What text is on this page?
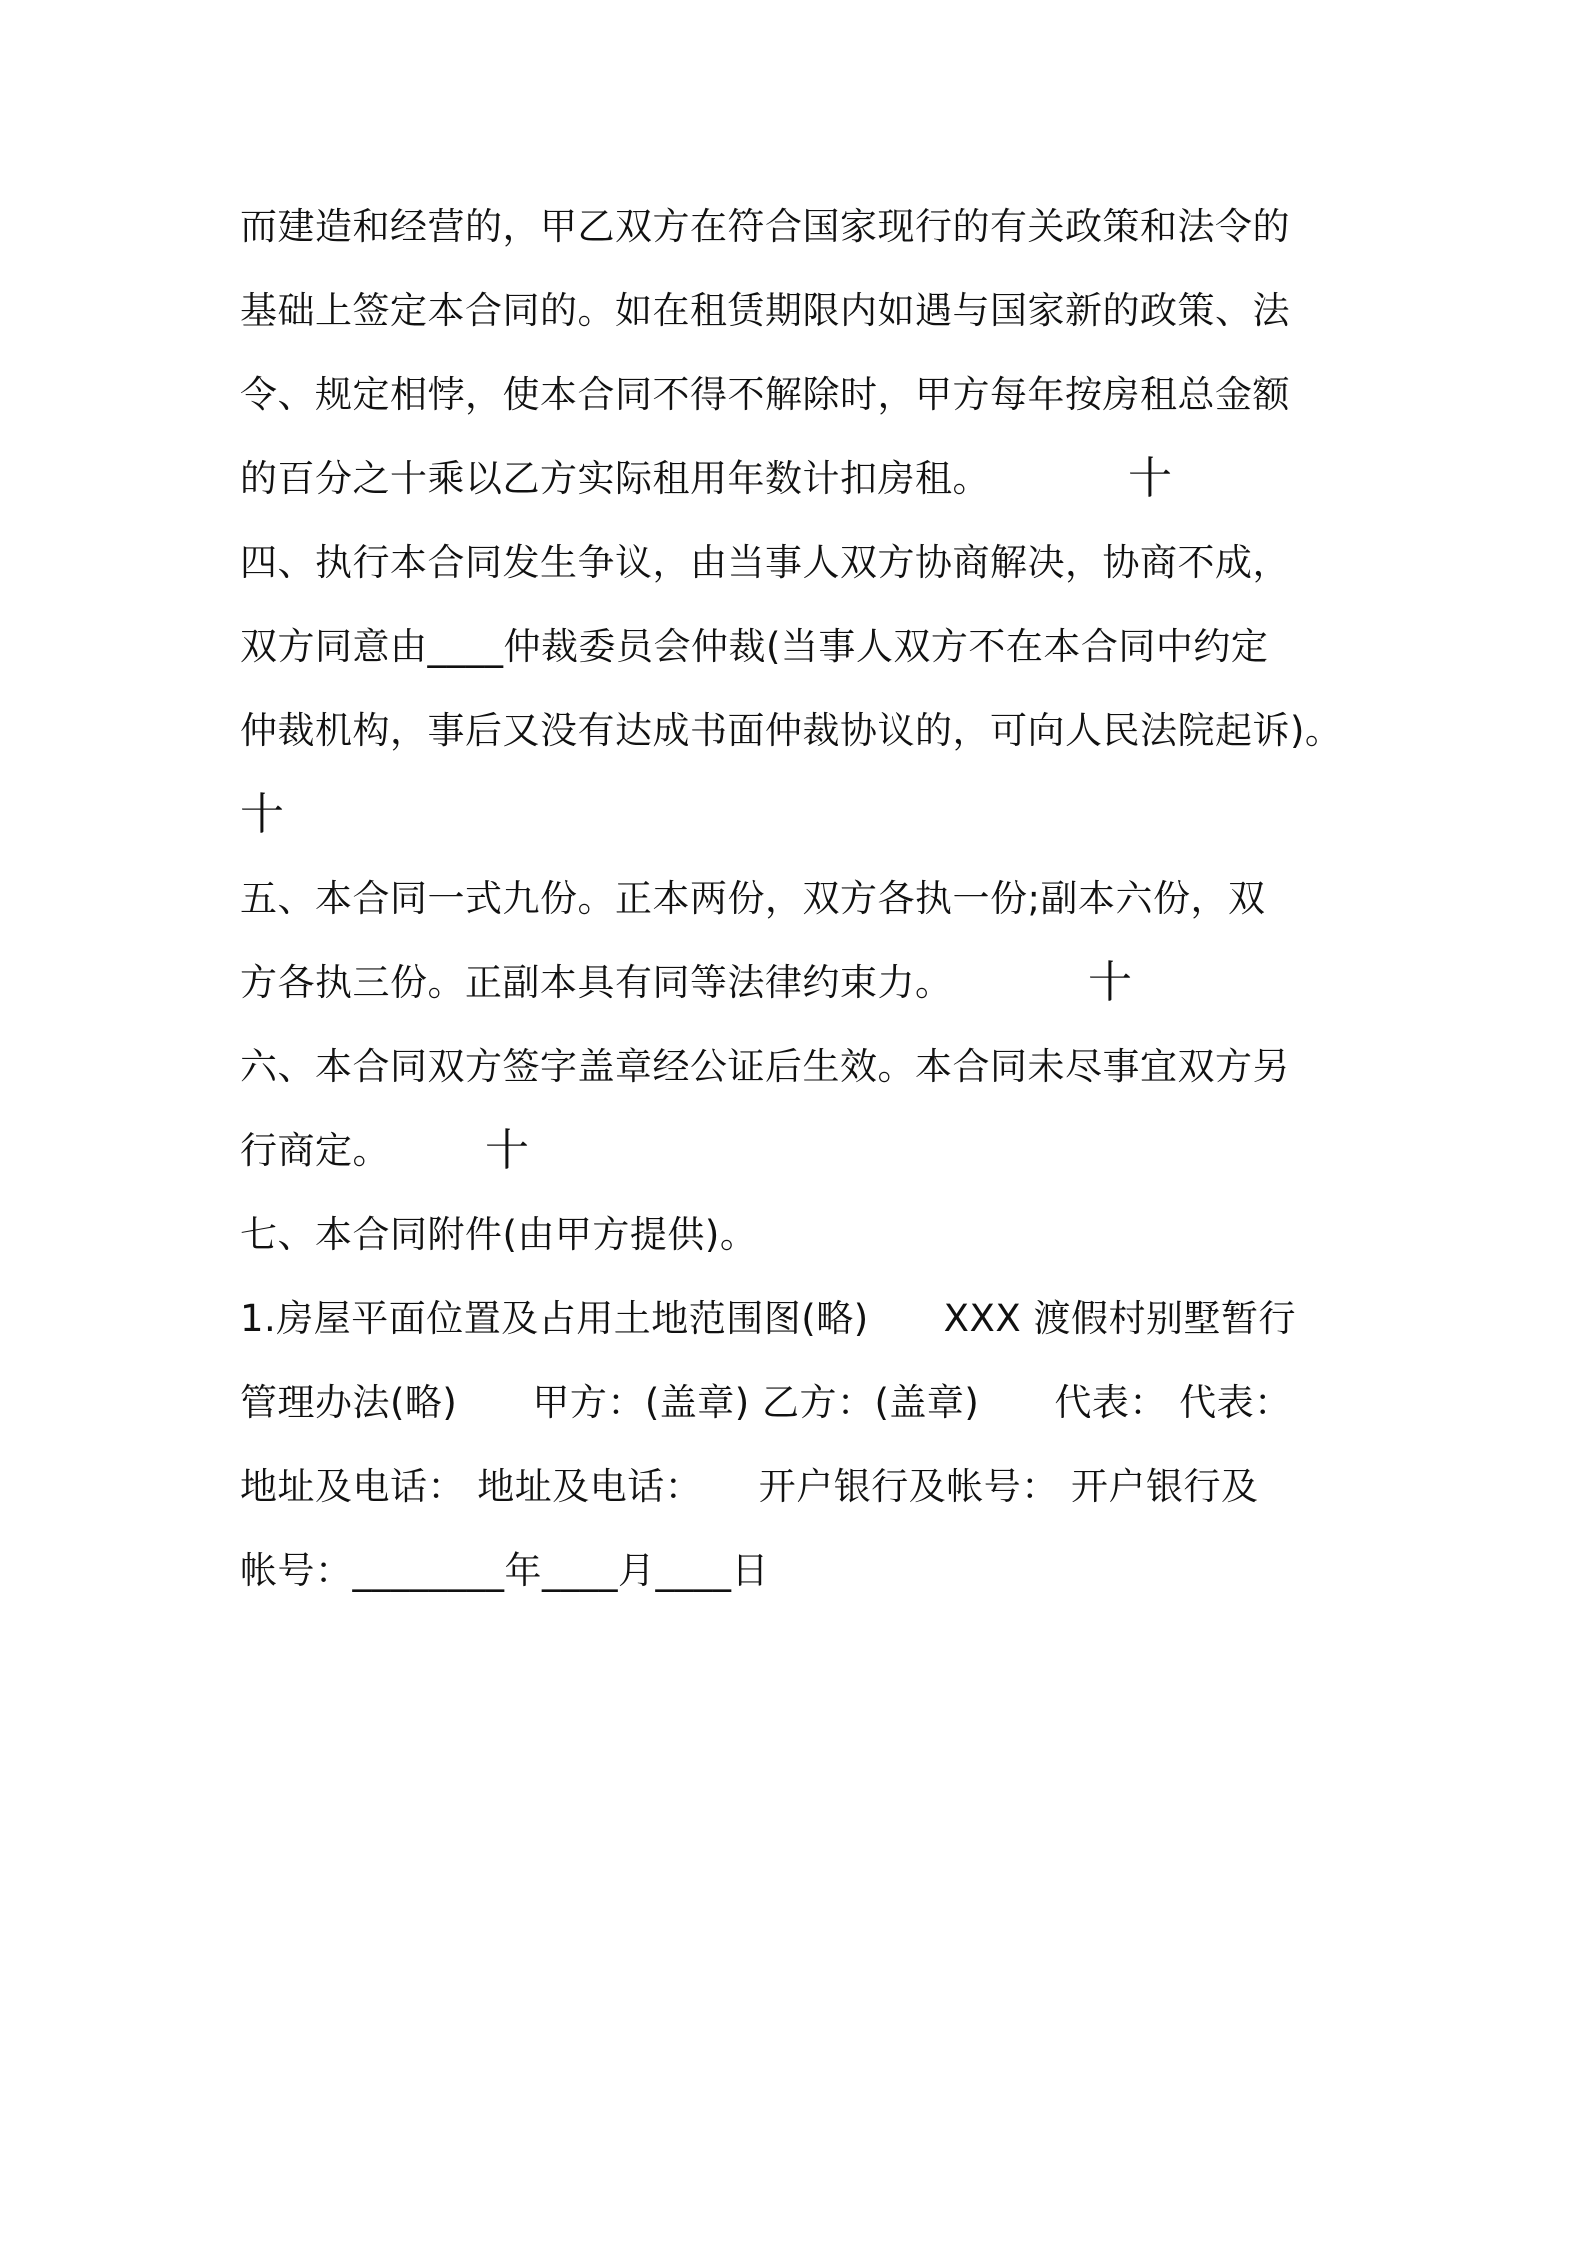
而建造和经营的，甲乙双方在符合国家现行的有关政策和法令的
基础上签定本合同的。如在租赁期限内如遇与国家新的政策、法
令、规定相悖，使本合同不得不解除时，甲方每年按房租总金额
的百分之十乘以乙方实际租用年数计扣房租。	十
四、执行本合同发生争议，由当事人双方协商解决，协商不成，
双方同意由____仲裁委员会仲裁(当事人双方不在本合同中约定
仲裁机构，事后又没有达成书面仲裁协议的，可向人民法院起诉)。
十
五、本合同一式九份。正本两份，双方各执一份;副本六份，双
方各执三份。正副本具有同等法律约束力。	十
六、本合同双方签字盖章经公证后生效。本合同未尽事宜双方另
行商定。	十
七、本合同附件(由甲方提供)。
1.房屋平面位置及占用土地范围图(略)　　XXX 渡假村别墅暂行
管理办法(略)　　甲方：(盖章) 乙方：(盖章)　　代表： 代表：
地址及电话： 地址及电话：　　开户银行及帐号： 开户银行及
帐号：________年____月____日
